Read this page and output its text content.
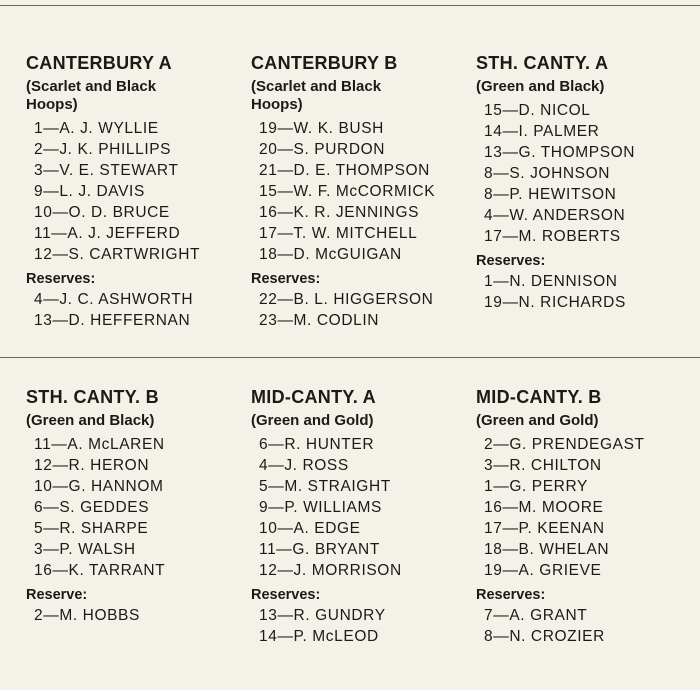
CANTERBURY A
(Scarlet and Black Hoops)
1—A. J. WYLLIE
2—J. K. PHILLIPS
3—V. E. STEWART
9—L. J. DAVIS
10—O. D. BRUCE
11—A. J. JEFFERD
12—S. CARTWRIGHT
Reserves:
4—J. C. ASHWORTH
13—D. HEFFERNAN
CANTERBURY B
(Scarlet and Black Hoops)
19—W. K. BUSH
20—S. PURDON
21—D. E. THOMPSON
15—W. F. McCORMICK
16—K. R. JENNINGS
17—T. W. MITCHELL
18—D. McGUIGAN
Reserves:
22—B. L. HIGGERSON
23—M. CODLIN
STH. CANTY. A
(Green and Black)
15—D. NICOL
14—I. PALMER
13—G. THOMPSON
8—S. JOHNSON
8—P. HEWITSON
4—W. ANDERSON
17—M. ROBERTS
Reserves:
1—N. DENNISON
19—N. RICHARDS
STH. CANTY. B
(Green and Black)
11—A. McLAREN
12—R. HERON
10—G. HANNOM
6—S. GEDDES
5—R. SHARPE
3—P. WALSH
16—K. TARRANT
Reserve:
2—M. HOBBS
MID-CANTY. A
(Green and Gold)
6—R. HUNTER
4—J. ROSS
5—M. STRAIGHT
9—P. WILLIAMS
10—A. EDGE
11—G. BRYANT
12—J. MORRISON
Reserves:
13—R. GUNDRY
14—P. McLEOD
MID-CANTY. B
(Green and Gold)
2—G. PRENDEGAST
3—R. CHILTON
1—G. PERRY
16—M. MOORE
17—P. KEENAN
18—B. WHELAN
19—A. GRIEVE
Reserves:
7—A. GRANT
8—N. CROZIER
